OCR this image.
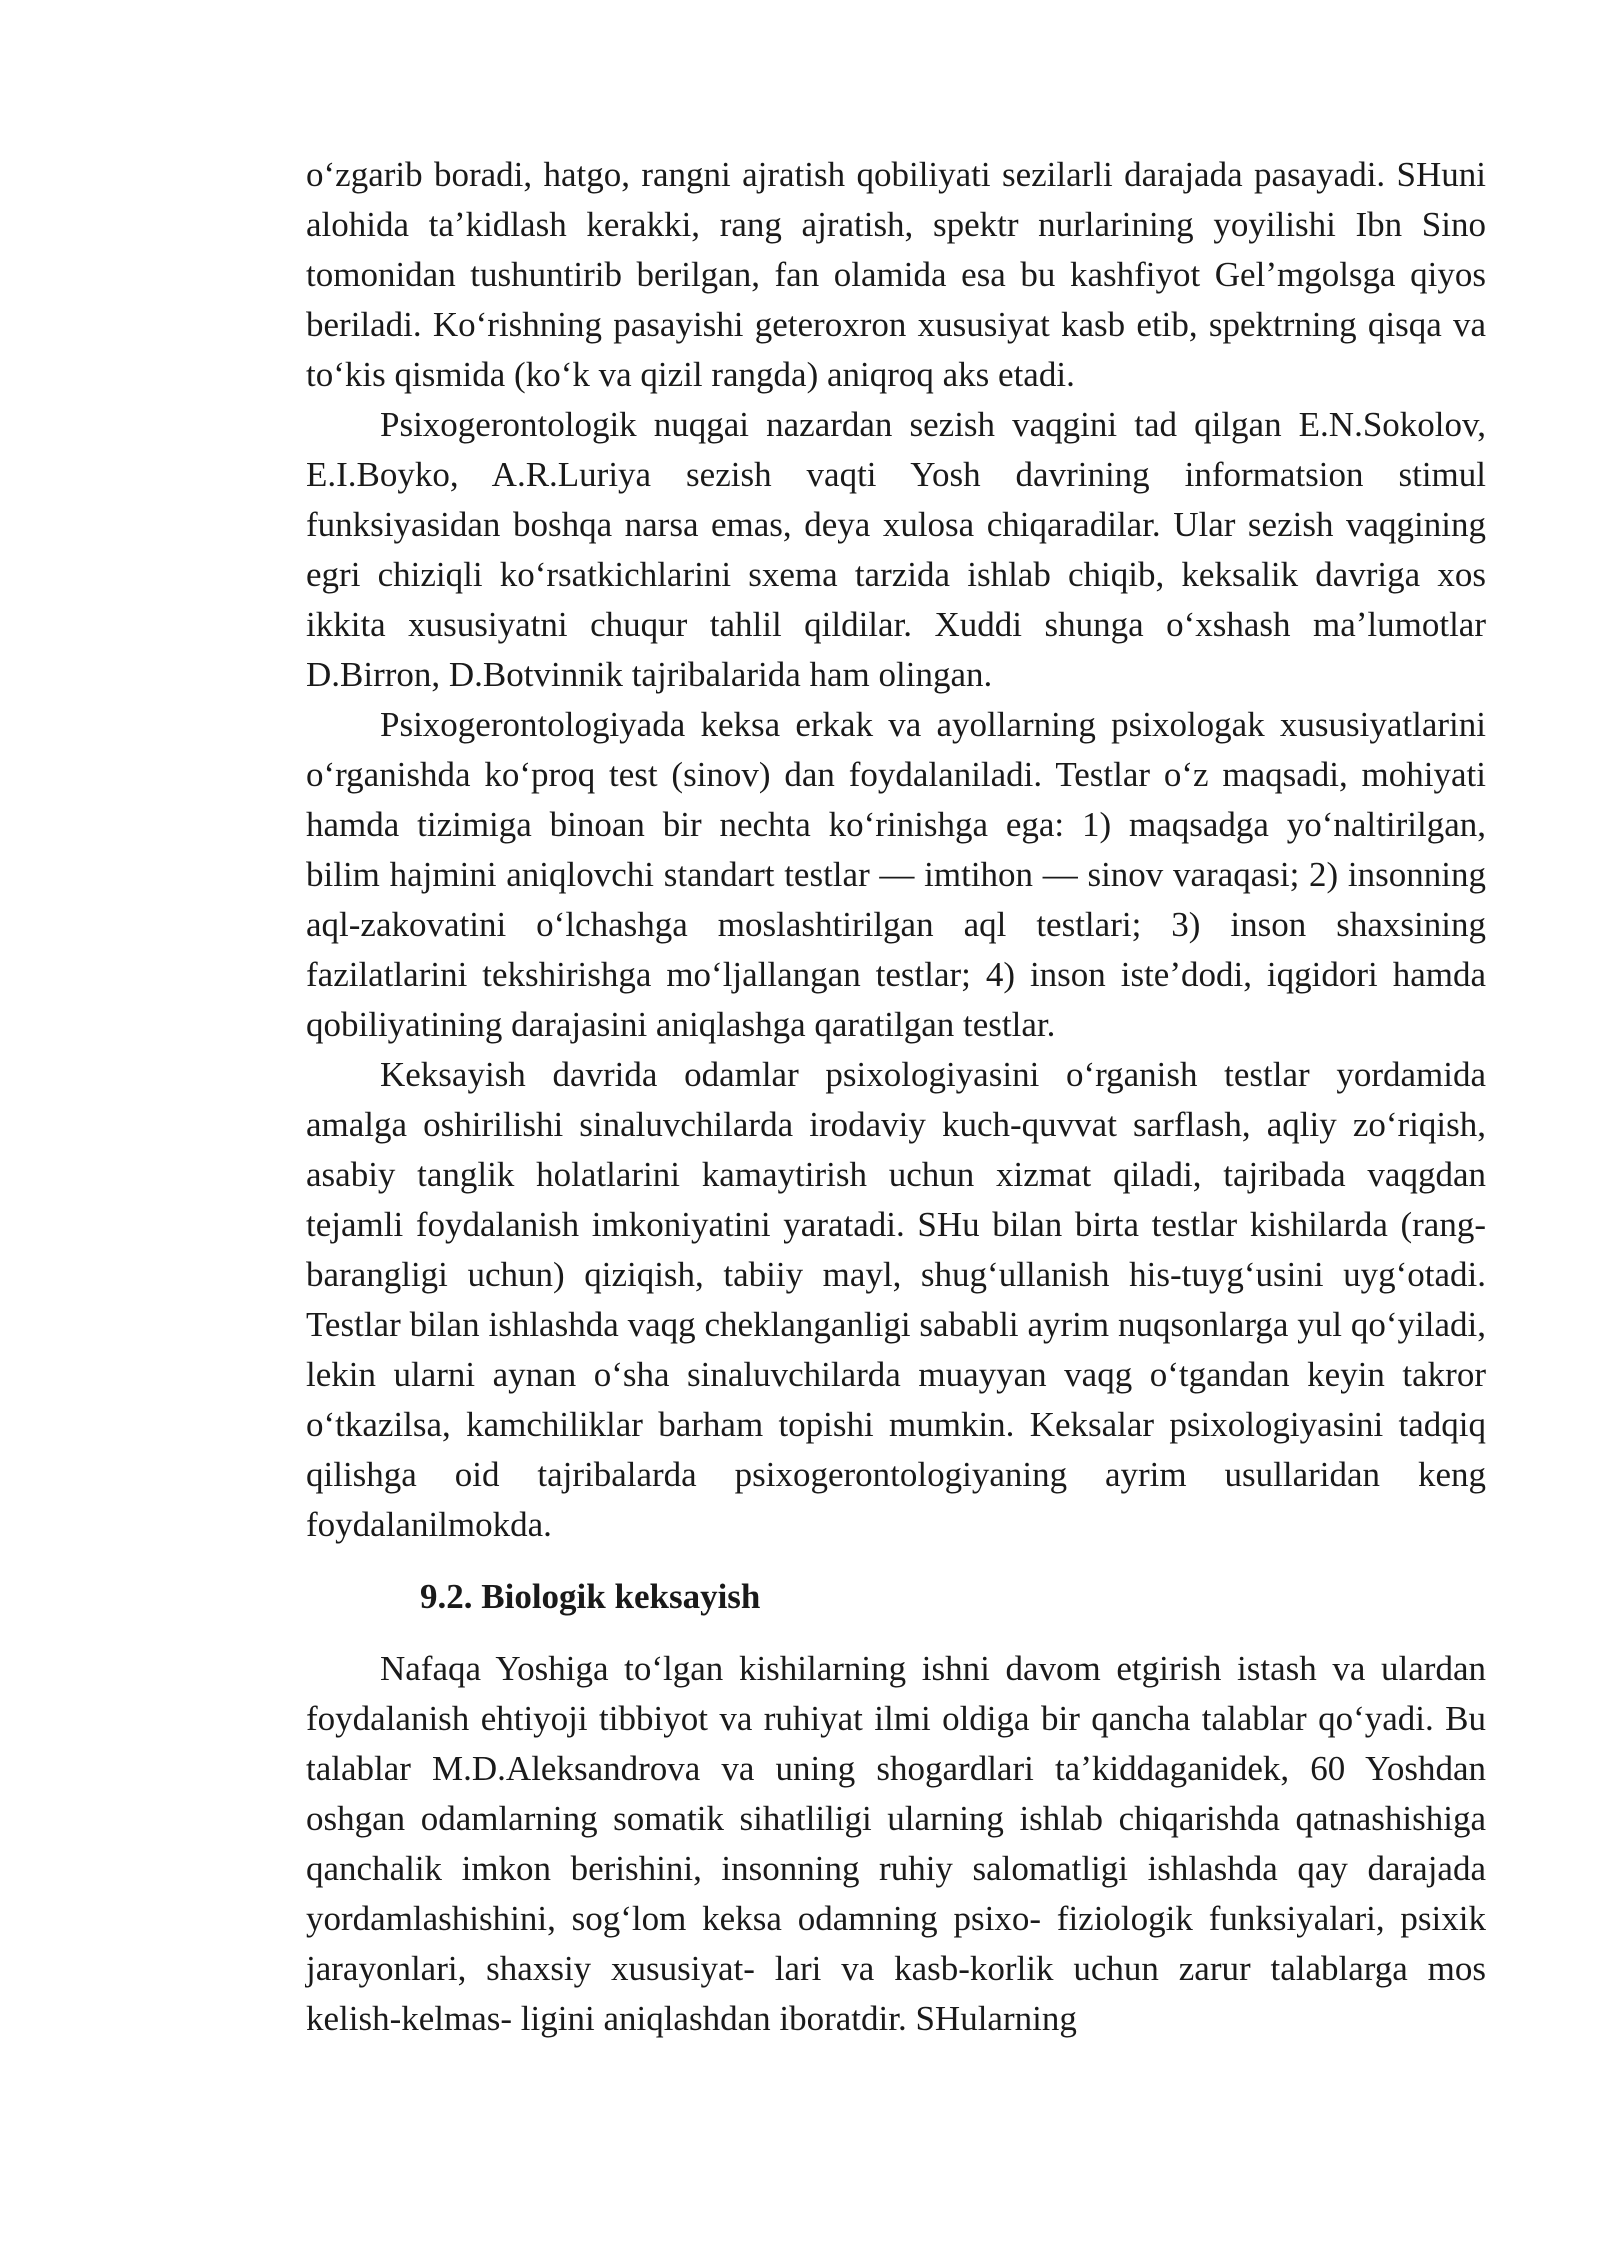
oʻzgarib boradi, hatgo, rangni ajratish qobiliyati sezilarli darajada pasayadi. SHuni alohida taʼkidlash kerakki, rang ajratish, spektr nurlarining yoyilishi Ibn Sino tomonidan tushuntirib berilgan, fan olamida esa bu kashfiyot Gelʼmgolsga qiyos beriladi. Koʻrishning pasayishi geteroxron xususiyat kasb etib, spektrning qisqa va toʻkis qismida (koʻk va qizil rangda) aniqroq aks etadi.

Psixogerontologik nuqgai nazardan sezish vaqgini tad qilgan E.N.Sokolov, E.I.Boyko, A.R.Luriya sezish vaqti Yosh davrining informatsion stimul funksiyasidan boshqa narsa emas, deya xulosa chiqaradilar. Ular sezish vaqgining egri chiziqli koʻrsatkichlarini sxema tarzida ishlab chiqib, keksalik davriga xos ikkita xususiyatni chuqur tahlil qildilar. Xuddi shunga oʻxshash maʼlumotlar D.Birron, D.Botvinnik tajribalarida ham olingan.

Psixogerontologiyada keksa erkak va ayollarning psixologak xususiyatlarini oʻrganishda koʻproq test (sinov) dan foydalaniladi. Testlar oʻz maqsadi, mohiyati hamda tizimiga binoan bir nechta koʻrinishga ega: 1) maqsadga yoʻnaltirilgan, bilim hajmini aniqlovchi standart testlar — imtihon — sinov varaqasi; 2) insonning aql-zakovatini oʻlchashga moslashtirilgan aql testlari; 3) inson shaxsining fazilatlarini tekshirishga moʻljallangan testlar; 4) inson isteʼdodi, iqgidori hamda qobiliyatining darajasini aniqlashga qaratilgan testlar.

Keksayish davrida odamlar psixologiyasini oʻrganish testlar yordamida amalga oshirilishi sinaluvchilarda irodaviy kuch-quvvat sarflash, aqliy zoʻriqish, asabiy tanglik holatlarini kamaytirish uchun xizmat qiladi, tajribada vaqgdan tejamli foydalanish imkoniyatini yaratadi. SHu bilan birta testlar kishilarda (rang-barangligi uchun) qiziqish, tabiiy mayl, shugʻullanish his-tuygʻusini uygʻotadi. Testlar bilan ishlashda vaqg cheklanganligi sababli ayrim nuqsonlarga yul qoʻyiladi, lekin ularni aynan oʻsha sinaluvchilarda muayyan vaqg oʻtgandan keyin takror oʻtkazilsa, kamchiliklar barham topishi mumkin. Keksalar psixologiyasini tadqiq qilishga oid tajribalarda psixogerontologiyaning ayrim usullaridan keng foydalanilmokda.

9.2. Biologik keksayish

Nafaqa Yoshiga toʻlgan kishilarning ishni davom etgirish istash va ulardan foydalanish ehtiyoji tibbiyot va ruhiyat ilmi oldiga bir qancha talablar qoʻyadi. Bu talablar M.D.Aleksandrova va uning shogardlari taʼkiddaganidek, 60 Yoshdan oshgan odamlarning somatik sihatliligi ularning ishlab chiqarishda qatnashishiga qanchalik imkon berishini, insonning ruhiy salomatligi ishlashda qay darajada yordamlashishini, sogʻlom keksa odamning psixo- fiziologik funksiyalari, psixik jarayonlari, shaxsiy xususiyat- lari va kasb-korlik uchun zarur talablarga mos kelish-kelmas- ligini aniqlashdan iboratdir. SHularning
